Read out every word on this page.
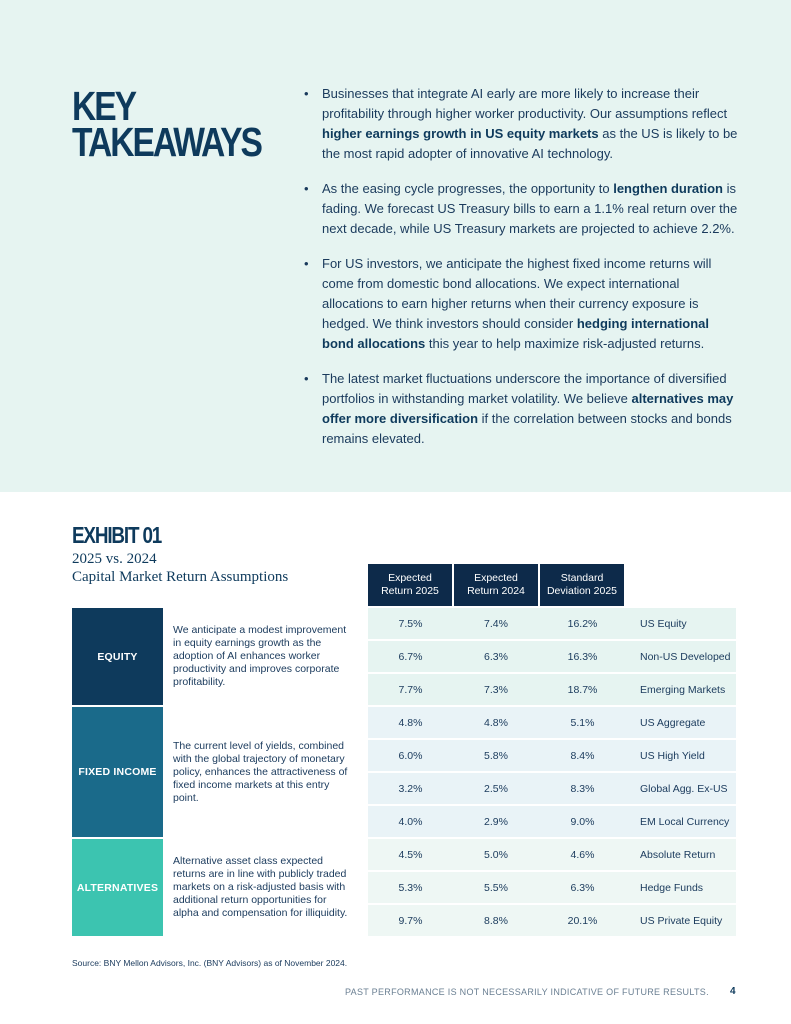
KEY
TAKEAWAYS
• Businesses that integrate AI early are more likely to increase their profitability through higher worker productivity. Our assumptions reflect higher earnings growth in US equity markets as the US is likely to be the most rapid adopter of innovative AI technology.
• As the easing cycle progresses, the opportunity to lengthen duration is fading. We forecast US Treasury bills to earn a 1.1% real return over the next decade, while US Treasury markets are projected to achieve 2.2%.
• For US investors, we anticipate the highest fixed income returns will come from domestic bond allocations. We expect international allocations to earn higher returns when their currency exposure is hedged. We think investors should consider hedging international bond allocations this year to help maximize risk-adjusted returns.
• The latest market fluctuations underscore the importance of diversified portfolios in withstanding market volatility. We believe alternatives may offer more diversification if the correlation between stocks and bonds remains elevated.
EXHIBIT 01
2025 vs. 2024
Capital Market Return Assumptions	Expected
Return 2025
Expected
Return 2024
Standard
Deviation 2025
EQUITY
We anticipate a modest improvement in equity earnings growth as the adoption of AI enhances worker productivity and improves corporate profitability.
7.5%	7.4%	16.2%	US Equity
6.7%	6.3%	16.3%	Non-US Developed
7.7%	7.3%	18.7%	Emerging Markets
FIXED INCOME
The current level of yields, combined with the global trajectory of monetary policy, enhances the attractiveness of fixed income markets at this entry point.
4.8%	4.8%	5.1%	US Aggregate
6.0%	5.8%	8.4%	US High Yield
3.2%	2.5%	8.3%	Global Agg. Ex-US
4.0%	2.9%	9.0%	EM Local Currency
ALTERNATIVES
Alternative asset class expected returns are in line with publicly traded markets on a risk-adjusted basis with additional return opportunities for alpha and compensation for illiquidity.
4.5%	5.0%	4.6%	Absolute Return
5.3%	5.5%	6.3%	Hedge Funds
9.7%	8.8%	20.1%	US Private Equity
Source: BNY Mellon Advisors, Inc. (BNY Advisors) as of November 2024.
PAST PERFORMANCE IS NOT NECESSARILY INDICATIVE OF FUTURE RESULTS. 4
